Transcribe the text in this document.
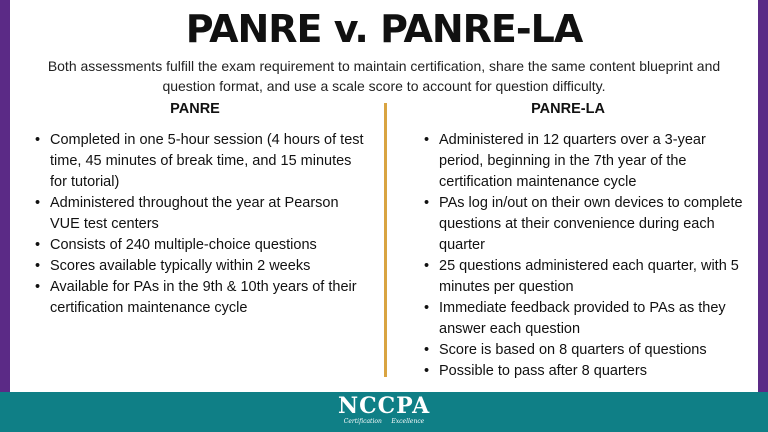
PANRE v. PANRE-LA
Both assessments fulfill the exam requirement to maintain certification, share the same content blueprint and question format, and use a scale score to account for question difficulty.
PANRE	PANRE-LA
• Completed in one 5-hour session (4 hours of test time, 45 minutes of break time, and 15 minutes for tutorial)
• Administered throughout the year at Pearson VUE test centers
• Consists of 240 multiple-choice questions
• Scores available typically within 2 weeks
• Available for PAs in the 9th & 10th years of their certification maintenance cycle
• Administered in 12 quarters over a 3-year period, beginning in the 7th year of the certification maintenance cycle
• PAs log in/out on their own devices to complete questions at their convenience during each quarter
• 25 questions administered each quarter, with 5 minutes per question
• Immediate feedback provided to PAs as they answer each question
• Score is based on 8 quarters of questions
• Possible to pass after 8 quarters
NCCPA
Certification Excellence
